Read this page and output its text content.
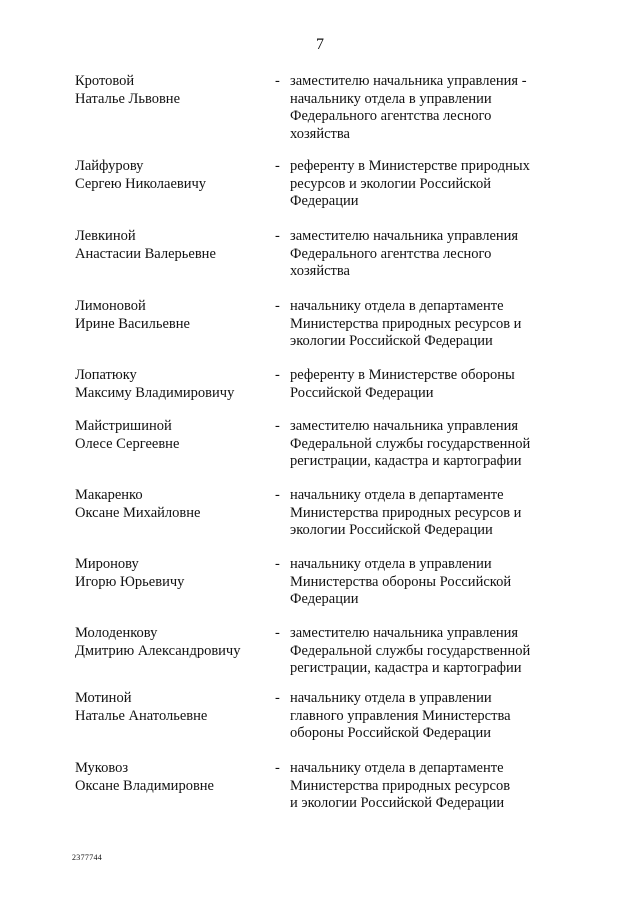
7
Кротовой
Наталье Львовне
- заместителю начальника управления -
начальнику отдела в управлении
Федерального агентства лесного
хозяйства
Лайфурову
Сергею Николаевичу
- референту в Министерстве природных
ресурсов и экологии Российской
Федерации
Левкиной
Анастасии Валерьевне
- заместителю начальника управления
Федерального агентства лесного
хозяйства
Лимоновой
Ирине Васильевне
- начальнику отдела в департаменте
Министерства природных ресурсов и
экологии Российской Федерации
Лопатюку
Максиму Владимировичу
- референту в Министерстве обороны
Российской Федерации
Майстришиной
Олесе Сергеевне
- заместителю начальника управления
Федеральной службы государственной
регистрации, кадастра и картографии
Макаренко
Оксане Михайловне
- начальнику отдела в департаменте
Министерства природных ресурсов и
экологии Российской Федерации
Миронову
Игорю Юрьевичу
- начальнику отдела в управлении
Министерства обороны Российской
Федерации
Молоденкову
Дмитрию Александровичу
- заместителю начальника управления
Федеральной службы государственной
регистрации, кадастра и картографии
Мотиной
Наталье Анатольевне
- начальнику отдела в управлении
главного управления Министерства
обороны Российской Федерации
Муковоз
Оксане Владимировне
- начальнику отдела в департаменте
Министерства природных ресурсов
и экологии Российской Федерации
2377744
